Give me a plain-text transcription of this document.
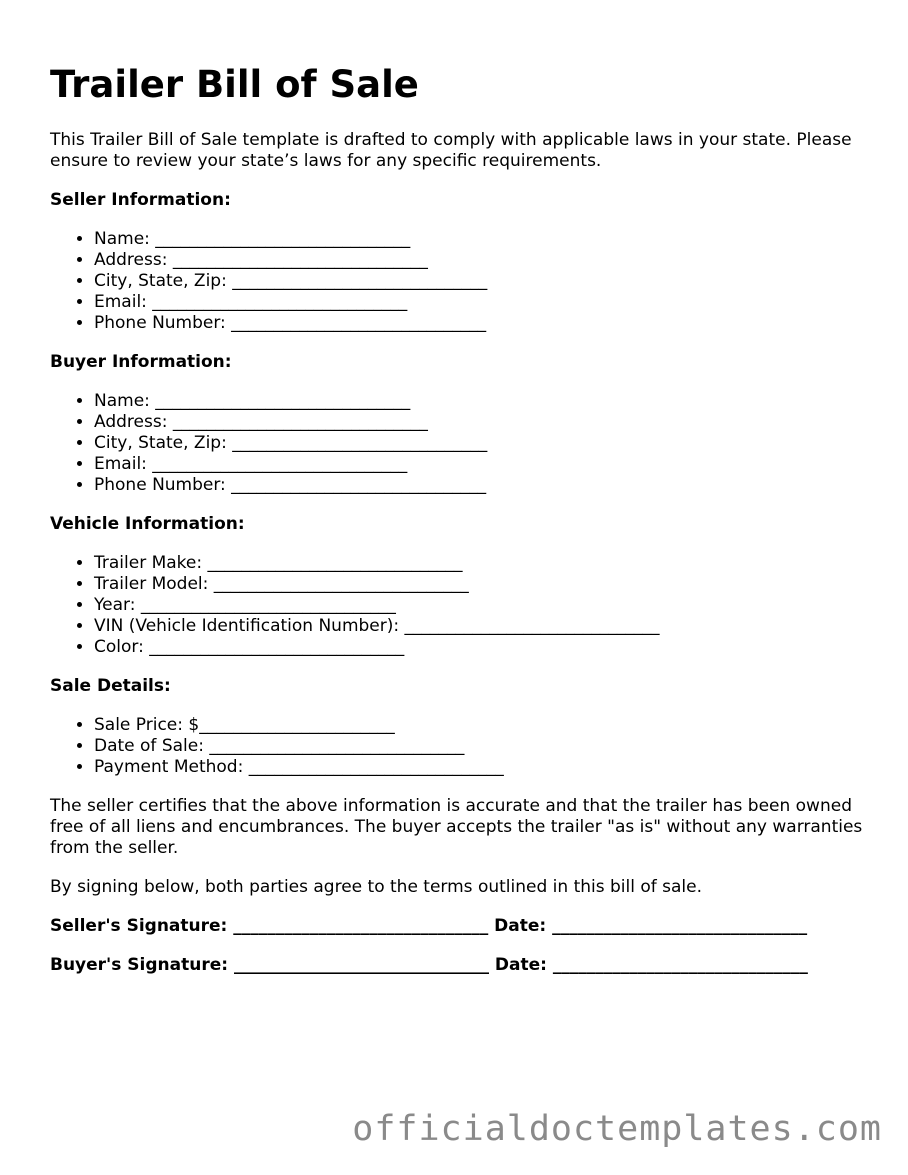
Trailer Bill of Sale

This Trailer Bill of Sale template is drafted to comply with applicable laws in your state. Please ensure to review your state’s laws for any specific requirements.

Seller Information:
• Name: ______________________________
• Address: ______________________________
• City, State, Zip: ______________________________
• Email: ______________________________
• Phone Number: ______________________________
Buyer Information:
• Name: ______________________________
• Address: ______________________________
• City, State, Zip: ______________________________
• Email: ______________________________
• Phone Number: ______________________________
Vehicle Information:
• Trailer Make: ______________________________
• Trailer Model: ______________________________
• Year: ______________________________
• VIN (Vehicle Identification Number): ______________________________
• Color: ______________________________
Sale Details:
• Sale Price: $_______________________
• Date of Sale: ______________________________
• Payment Method: ______________________________

The seller certifies that the above information is accurate and that the trailer has been owned free of all liens and encumbrances. The buyer accepts the trailer "as is" without any warranties from the seller.

By signing below, both parties agree to the terms outlined in this bill of sale.

Seller's Signature: ______________________________ Date: ______________________________
Buyer's Signature: ______________________________ Date: ______________________________
officialdoctemplates.com
